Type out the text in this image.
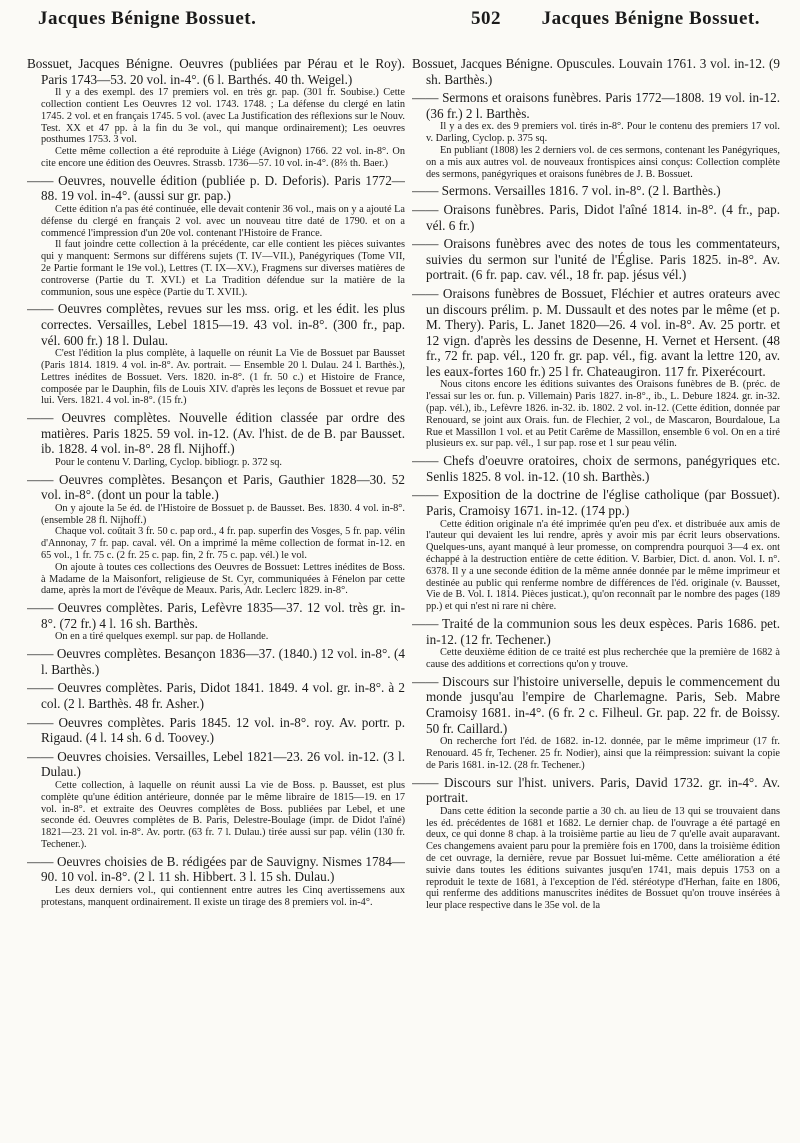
Jacques Bénigne Bossuet.	502 Jacques Bénigne Bossuet.

Bossuet, Jacques Bénigne. Oeuvres (publiées par Pérau et le Roy). Paris 1743—53. 20 vol. in-4°. (6 l. Barthés. 40 th. Weigel.)

Il y a des exempl. des 17 premiers vol. en très gr. pap. (301 fr. Soubise.) Cette collection contient Les Oeuvres 12 vol. 1743. 1748. ; La défense du clergé en latin 1745. 2 vol. et en français 1745. 5 vol. (avec La Justification des réflexions sur le Nouv. Test. XX et 47 pp. à la fin du 3e vol., qui manque ordinairement); Les oeuvres posthumes 1753. 3 vol.

Cette même collection a été reproduite à Liége (Avignon) 1766. 22 vol. in-8°. On cite encore une édition des Oeuvres. Strassb. 1736—57. 10 vol. in-4°. (8⅔ th. Baer.)

—— Oeuvres, nouvelle édition (publiée p. D. Deforis). Paris 1772—88. 19 vol. in-4°. (aussi sur gr. pap.)

Cette édition n'a pas été continuée, elle devait contenir 36 vol., mais on y a ajouté La défense du clergé en français 2 vol. avec un nouveau titre daté de 1790. et on a commencé l'impression d'un 20e vol. contenant l'Histoire de France.

Il faut joindre cette collection à la précédente, car elle contient les pièces suivantes qui y manquent: Sermons sur différens sujets (T. IV—VII.), Panégyriques (Tome VII, 2e Partie formant le 19e vol.), Lettres (T. IX—XV.), Fragmens sur diverses matières de controverse (Partie du T. XVI.) et La Tradition défendue sur la matière de la communion, sous une espèce (Partie du T. XVII.).

—— Oeuvres complètes, revues sur les mss. orig. et les édit. les plus correctes. Versailles, Lebel 1815—19. 43 vol. in-8°. (300 fr., pap. vél. 600 fr.) 18 l. Dulau.

C'est l'édition la plus complète, à laquelle on réunit La Vie de Bossuet par Bausset (Paris 1814. 1819. 4 vol. in-8°. Av. portrait. — Ensemble 20 l. Dulau. 24 l. Barthès.), Lettres inédites de Bossuet. Vers. 1820. in-8°. (1 fr. 50 c.) et Histoire de France, composée par le Dauphin, fils de Louis XIV. d'après les leçons de Bossuet et revue par lui. Vers. 1821. 4 vol. in-8°. (15 fr.)

—— Oeuvres complètes. Nouvelle édition classée par ordre des matières. Paris 1825. 59 vol. in-12. (Av. l'hist. de de B. par Bausset. ib. 1828. 4 vol. in-8°. 28 fl. Nijhoff.)

Pour le contenu V. Darling, Cyclop. bibliogr. p. 372 sq.

—— Oeuvres complètes. Besançon et Paris, Gauthier 1828—30. 52 vol. in-8°. (dont un pour la table.)

On y ajoute la 5e éd. de l'Histoire de Bossuet p. de Bausset. Bes. 1830. 4 vol. in-8°. (ensemble 28 fl. Nijhoff.)

Chaque vol. coûtait 3 fr. 50 c. pap ord., 4 fr. pap. superfin des Vosges, 5 fr. pap. vélin d'Annonay, 7 fr. pap. caval. vél. On a imprimé la même collection de format in-12. en 65 vol., 1 fr. 75 c. (2 fr. 25 c. pap. fin, 2 fr. 75 c. pap. vél.) le vol.

On ajoute à toutes ces collections des Oeuvres de Bossuet: Lettres inédites de Boss. à Madame de la Maisonfort, religieuse de St. Cyr, communiquées à Fénelon par cette dame, après la mort de l'évêque de Meaux. Paris, Adr. Leclerc 1829. in-8°.

—— Oeuvres complètes. Paris, Lefèvre 1835—37. 12 vol. très gr. in-8°. (72 fr.) 4 l. 16 sh. Barthès.

On en a tiré quelques exempl. sur pap. de Hollande.

—— Oeuvres complètes. Besançon 1836—37. (1840.) 12 vol. in-8°. (4 l. Barthès.)

—— Oeuvres complètes. Paris, Didot 1841. 1849. 4 vol. gr. in-8°. à 2 col. (2 l. Barthès. 48 fr. Asher.)

—— Oeuvres complètes. Paris 1845. 12 vol. in-8°. roy. Av. portr. p. Rigaud. (4 l. 14 sh. 6 d. Toovey.)

—— Oeuvres choisies. Versailles, Lebel 1821—23. 26 vol. in-12. (3 l. Dulau.)

Cette collection, à laquelle on réunit aussi La vie de Boss. p. Bausset, est plus complète qu'une édition antérieure, donnée par le même libraire de 1815—19. en 17 vol. in-8°. et extraite des Oeuvres complètes de Boss. publiées par Lebel, et une seconde éd. Oeuvres complètes de B. Paris, Delestre-Boulage (impr. de Didot l'aîné) 1821—23. 21 vol. in-8°. Av. portr. (63 fr. 7 l. Dulau.) tirée aussi sur pap. vélin (130 fr. Techener.).

—— Oeuvres choisies de B. rédigées par de Sauvigny. Nismes 1784—90. 10 vol. in-8°. (2 l. 11 sh. Hibbert. 3 l. 15 sh. Dulau.)

Les deux derniers vol., qui contiennent entre autres les Cinq avertissemens aux protestans, manquent ordinairement. Il existe un tirage des 8 premiers vol. in-4°.

Bossuet, Jacques Bénigne. Opuscules. Louvain 1761. 3 vol. in-12. (9 sh. Barthès.)

—— Sermons et oraisons funèbres. Paris 1772—1808. 19 vol. in-12. (36 fr.) 2 l. Barthès.

Il y a des ex. des 9 premiers vol. tirés in-8°. Pour le contenu des premiers 17 vol. v. Darling, Cyclop. p. 375 sq.

En publiant (1808) les 2 derniers vol. de ces sermons, contenant les Panégyriques, on a mis aux autres vol. de nouveaux frontispices ainsi conçus: Collection complète des sermons, panégyriques et oraisons funèbres de J. B. Bossuet.

—— Sermons. Versailles 1816. 7 vol. in-8°. (2 l. Barthès.)

—— Oraisons funèbres. Paris, Didot l'aîné 1814. in-8°. (4 fr., pap. vél. 6 fr.)

—— Oraisons funèbres avec des notes de tous les commentateurs, suivies du sermon sur l'unité de l'Église. Paris 1825. in-8°. Av. portrait. (6 fr. pap. cav. vél., 18 fr. pap. jésus vél.)

—— Oraisons funèbres de Bossuet, Fléchier et autres orateurs avec un discours prélim. p. M. Dussault et des notes par le même (et p. M. Thery). Paris, L. Janet 1820—26. 4 vol. in-8°. Av. 25 portr. et 12 vign. d'après les dessins de Desenne, H. Vernet et Hersent. (48 fr., 72 fr. pap. vél., 120 fr. gr. pap. vél., fig. avant la lettre 120, av. les eaux-fortes 160 fr.) 25 l fr. Chateaugiron. 117 fr. Pixerécourt.

Nous citons encore les éditions suivantes des Oraisons funèbres de B. (préc. de l'essai sur les or. fun. p. Villemain) Paris 1827. in-8°., ib., L. Debure 1824. gr. in-32. (pap. vél.), ib., Lefèvre 1826. in-32. ib. 1802. 2 vol. in-12. (Cette édition, donnée par Renouard, se joint aux Orais. fun. de Flechier, 2 vol., de Mascaron, Bourdaloue, La Rue et Massillon 1 vol. et au Petit Carême de Massillon, ensemble 6 vol. On en a tiré plusieurs ex. sur pap. vél., 1 sur pap. rose et 1 sur peau vélin.

—— Chefs d'oeuvre oratoires, choix de sermons, panégyriques etc. Senlis 1825. 8 vol. in-12. (10 sh. Barthès.)

—— Exposition de la doctrine de l'église catholique (par Bossuet). Paris, Cramoisy 1671. in-12. (174 pp.)

Cette édition originale n'a été imprimée qu'en peu d'ex. et distribuée aux amis de l'auteur qui devaient les lui rendre, après y avoir mis par écrit leurs observations. Quelques-uns, ayant manqué à leur promesse, on comprendra pourquoi 3—4 ex. ont échappé à la destruction entière de cette édition. V. Barbier, Dict. d. anon. Vol. I. n°. 6378. Il y a une seconde édition de la même année donnée par le même imprimeur et destinée au public qui renferme nombre de différences de l'éd. originale (v. Bausset, Vie de B. Vol. I. 1814. Pièces justicat.), qu'on reconnaît par le nombre des pages (189 pp.) et qui n'est ni rare ni chère.

—— Traité de la communion sous les deux espèces. Paris 1686. pet. in-12. (12 fr. Techener.)

Cette deuxième édition de ce traité est plus recherchée que la première de 1682 à cause des additions et corrections qu'on y trouve.

—— Discours sur l'histoire universelle, depuis le commencement du monde jusqu'au l'empire de Charlemagne. Paris, Seb. Mabre Cramoisy 1681. in-4°. (6 fr. 2 c. Filheul. Gr. pap. 22 fr. de Boissy. 50 fr. Caillard.)

On recherche fort l'éd. de 1682. in-12. donnée, par le même imprimeur (17 fr. Renouard. 45 fr, Techener. 25 fr. Nodier), ainsi que la réimpression: suivant la copie de Paris 1681. in-12. (28 fr. Techener.)

—— Discours sur l'hist. univers. Paris, David 1732. gr. in-4°. Av. portrait.

Dans cette édition la seconde partie a 30 ch. au lieu de 13 qui se trouvaient dans les éd. précédentes de 1681 et 1682. Le dernier chap. de l'ouvrage a été partagé en deux, ce qui donne 8 chap. à la troisième partie au lieu de 7 qu'elle avait auparavant. Ces changemens avaient paru pour la première fois en 1700, dans la troisième édition de cet ouvrage, la dernière, revue par Bossuet lui-même. Cette amélioration a été suivie dans toutes les éditions suivantes jusqu'en 1741, mais depuis 1753 on a reproduit le texte de 1681, à l'exception de l'éd. stéréotype d'Herhan, faite en 1806, qui renferme des additions manuscrites inédites de Bossuet qu'on trouve insérées à leur place respective dans le 35e vol. de la
